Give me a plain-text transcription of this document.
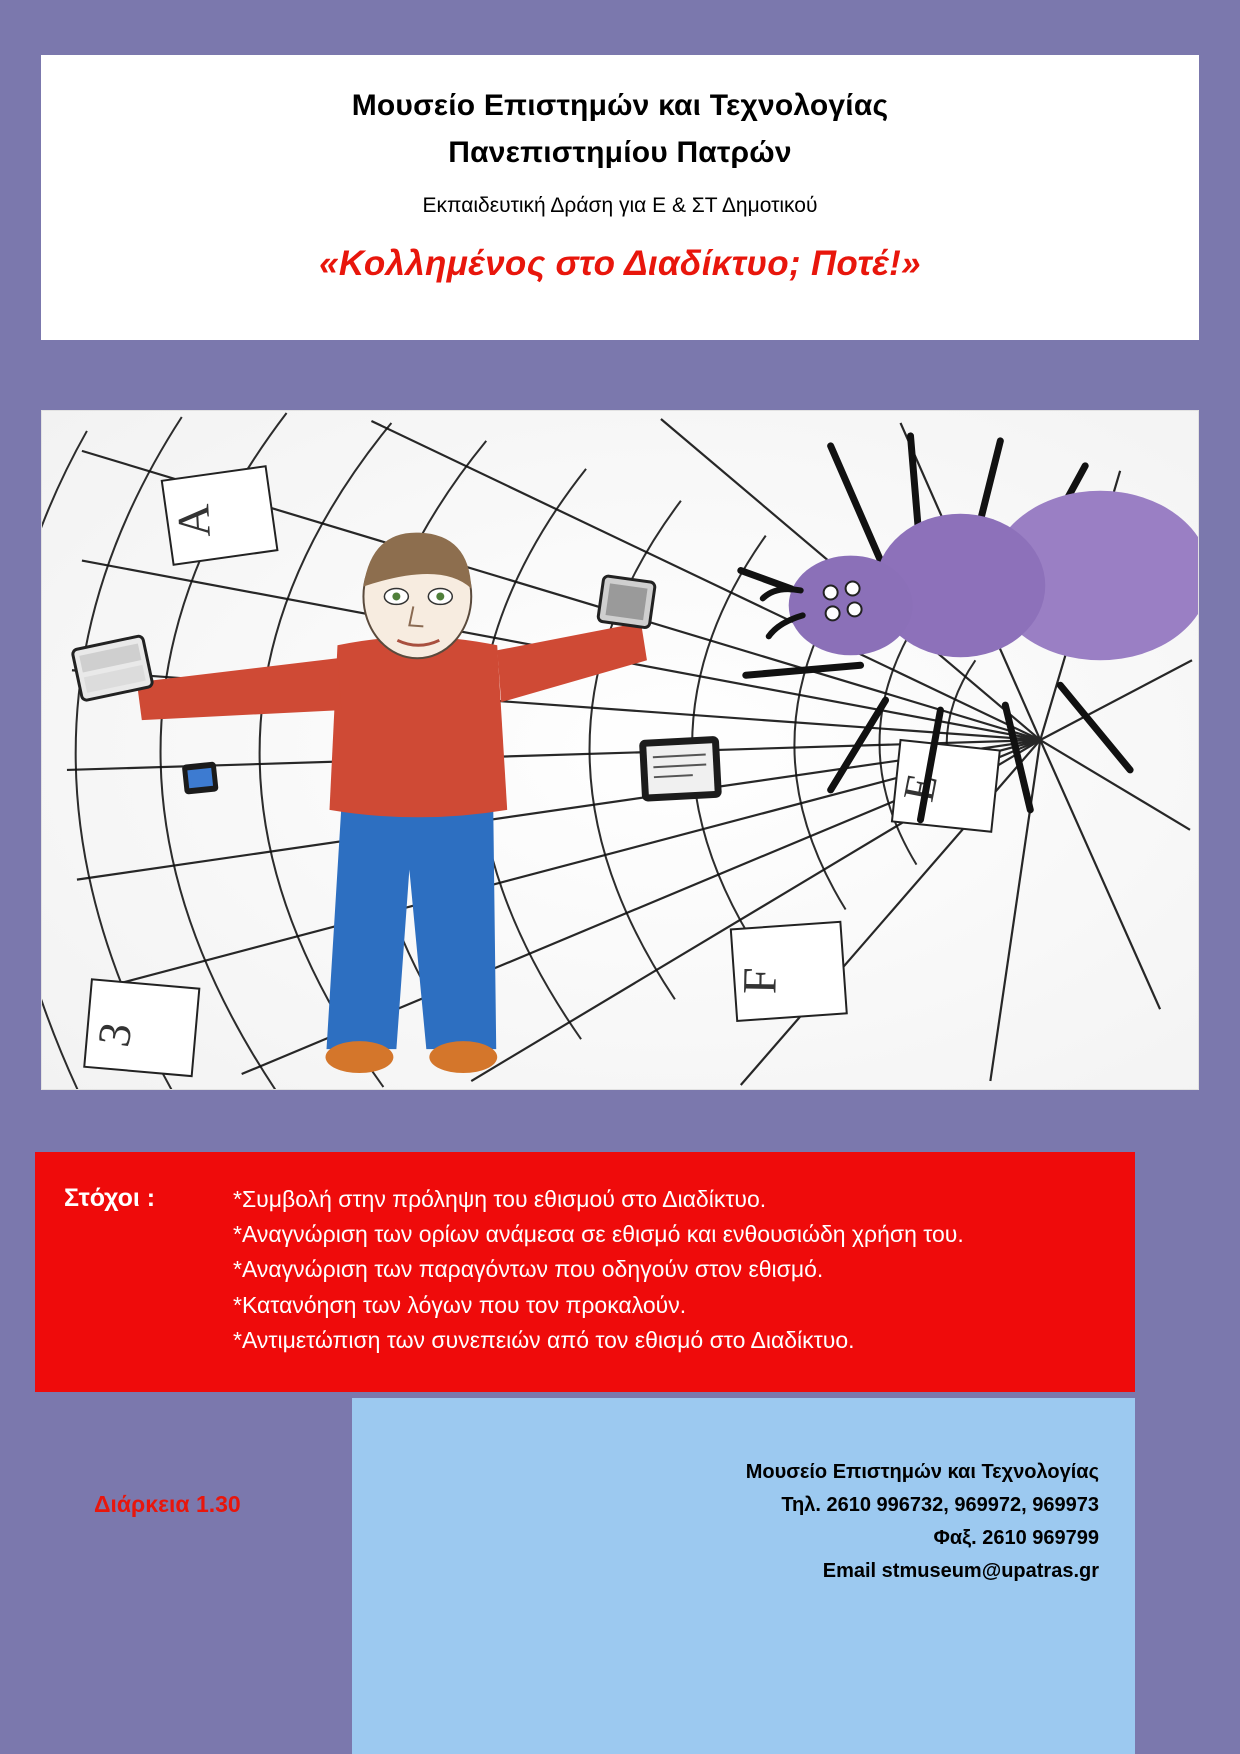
Μουσείο Επιστημών και Τεχνολογίας
Πανεπιστημίου Πατρών
Εκπαιδευτική Δράση για Ε & ΣΤ Δημοτικού
«Κολλημένος στο Διαδίκτυο; Ποτέ!»
A
E
F
3
Στόχοι :	*Συμβολή στην πρόληψη του εθισμού στο Διαδίκτυο.
*Αναγνώριση των ορίων ανάμεσα σε εθισμό και ενθουσιώδη χρήση του.
*Αναγνώριση των παραγόντων που οδηγούν στον εθισμό.
*Κατανόηση των λόγων που τον προκαλούν.
*Αντιμετώπιση των συνεπειών από τον εθισμό στο Διαδίκτυο.
Μουσείο Επιστημών και Τεχνολογίας
Τηλ. 2610 996732, 969972, 969973
Φαξ. 2610 969799
Email stmuseum@upatras.gr
Διάρκεια 1.30
